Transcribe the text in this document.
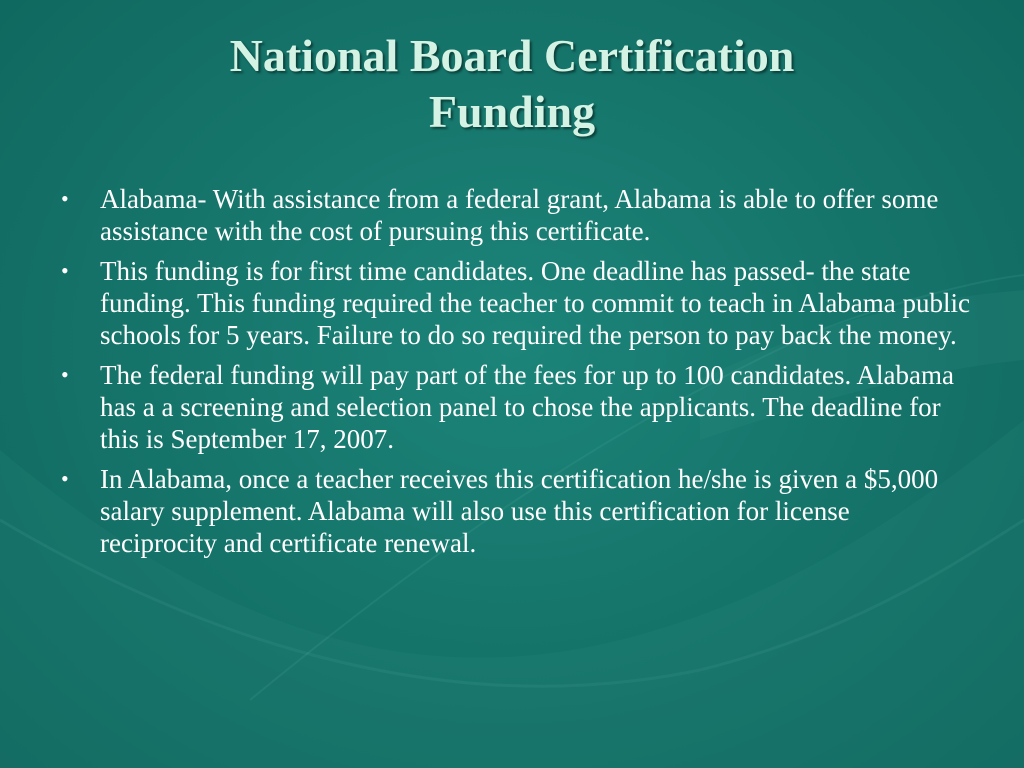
National Board Certification
Funding
• Alabama- With assistance from a federal grant, Alabama is able to offer some assistance with the cost of pursuing this certificate.
• This funding is for first time candidates. One deadline has passed- the state funding. This funding required the teacher to commit to teach in Alabama public schools for 5 years. Failure to do so required the person to pay back the money.
• The federal funding will pay part of the fees for up to 100 candidates. Alabama has a a screening and selection panel to chose the applicants. The deadline for this is September 17, 2007.
• In Alabama, once a teacher receives this certification he/she is given a $5,000 salary supplement. Alabama will also use this certification for license reciprocity and certificate renewal.
